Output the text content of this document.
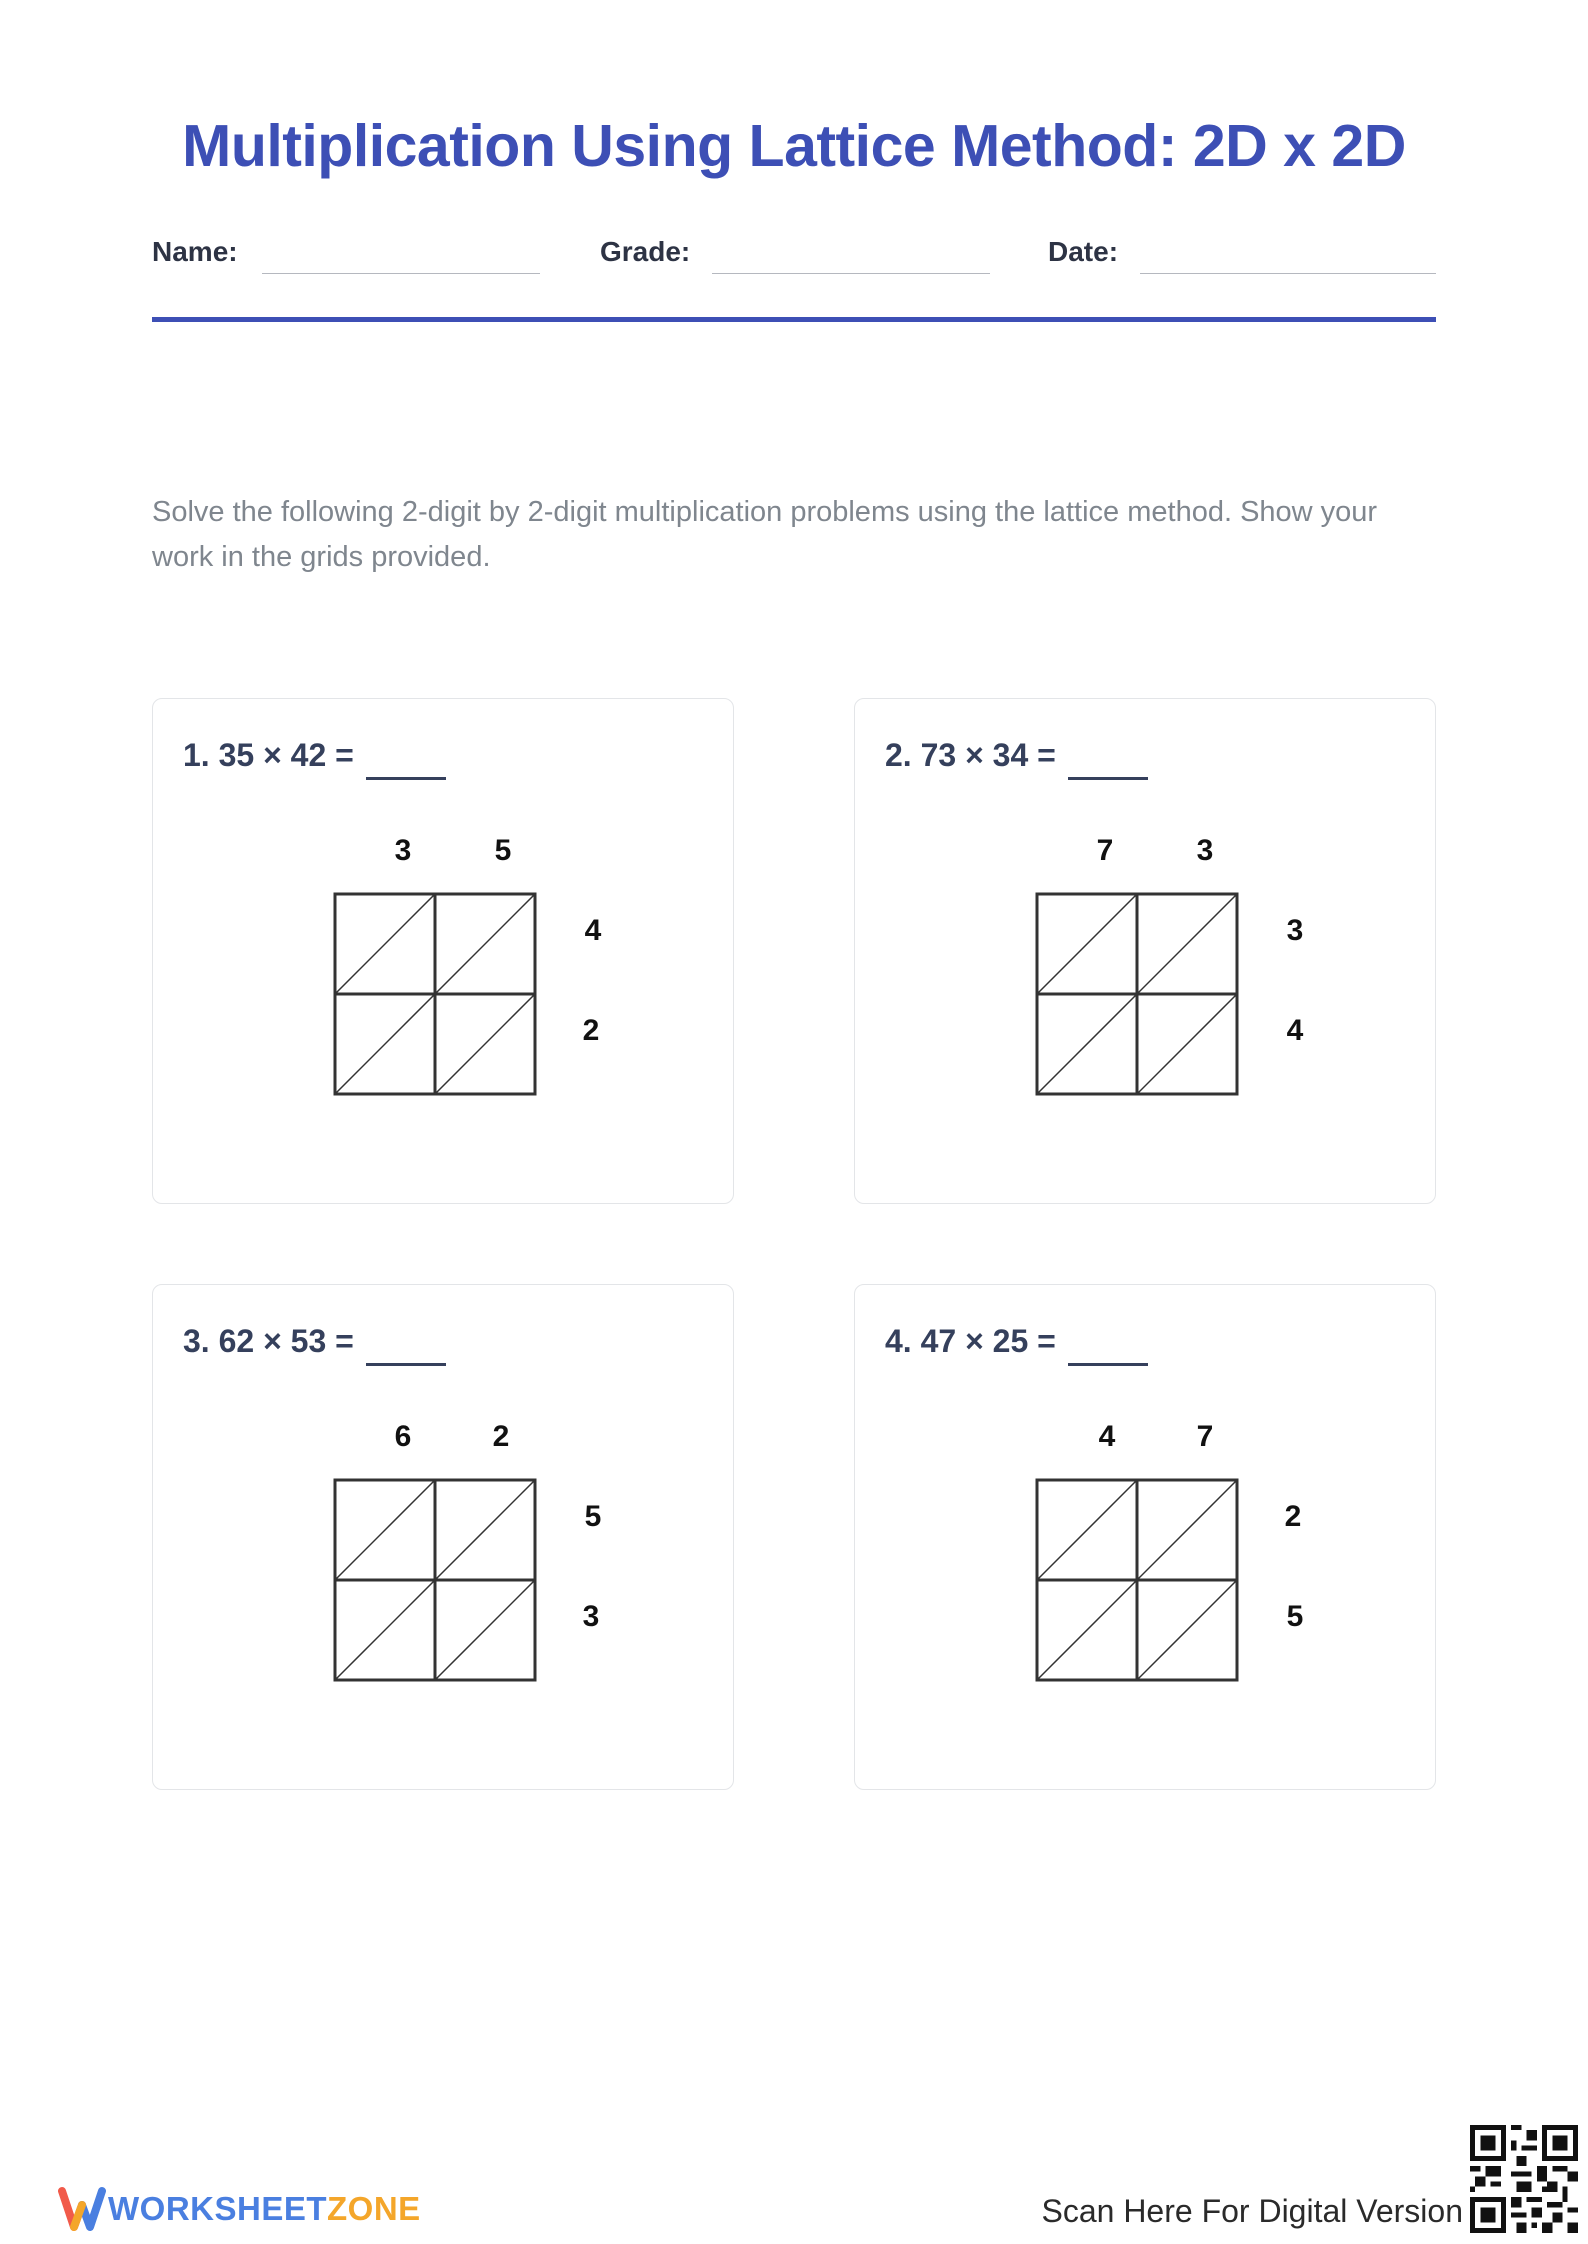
Multiplication Using Lattice Method: 2D x 2D
Name:	Grade:	Date:

Solve the following 2-digit by 2-digit multiplication problems using the lattice method. Show your work in the grids provided.

1. 35 × 42 =
3	5
4
2
2. 73 × 34 =
7	3
3
4
3. 62 × 53 =
6	2
5
3
4. 47 × 25 =
4	7
2
5
WORKSHEETZONE	Scan Here For Digital Version
